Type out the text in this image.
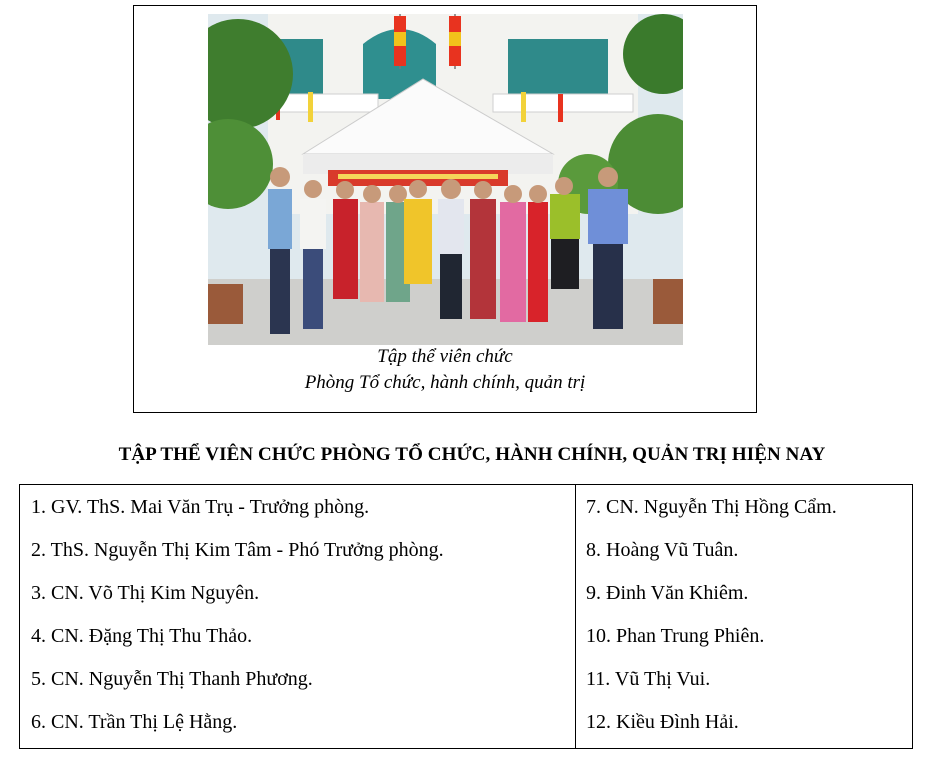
Tập thể viên chức
Phòng Tổ chức, hành chính, quản trị
TẬP THỂ VIÊN CHỨC PHÒNG TỔ CHỨC, HÀNH CHÍNH, QUẢN TRỊ HIỆN NAY
1. GV. ThS. Mai Văn Trụ - Trưởng phòng.
2. ThS. Nguyễn Thị Kim Tâm - Phó Trưởng phòng.
3. CN. Võ Thị Kim Nguyên.
4. CN. Đặng Thị Thu Thảo.
5. CN. Nguyễn Thị Thanh Phương.
6. CN. Trần Thị Lệ Hằng.
7. CN. Nguyễn Thị Hồng Cẩm.
8. Hoàng Vũ Tuân.
9. Đinh Văn Khiêm.
10. Phan Trung Phiên.
11. Vũ Thị Vui.
12. Kiều Đình Hải.
